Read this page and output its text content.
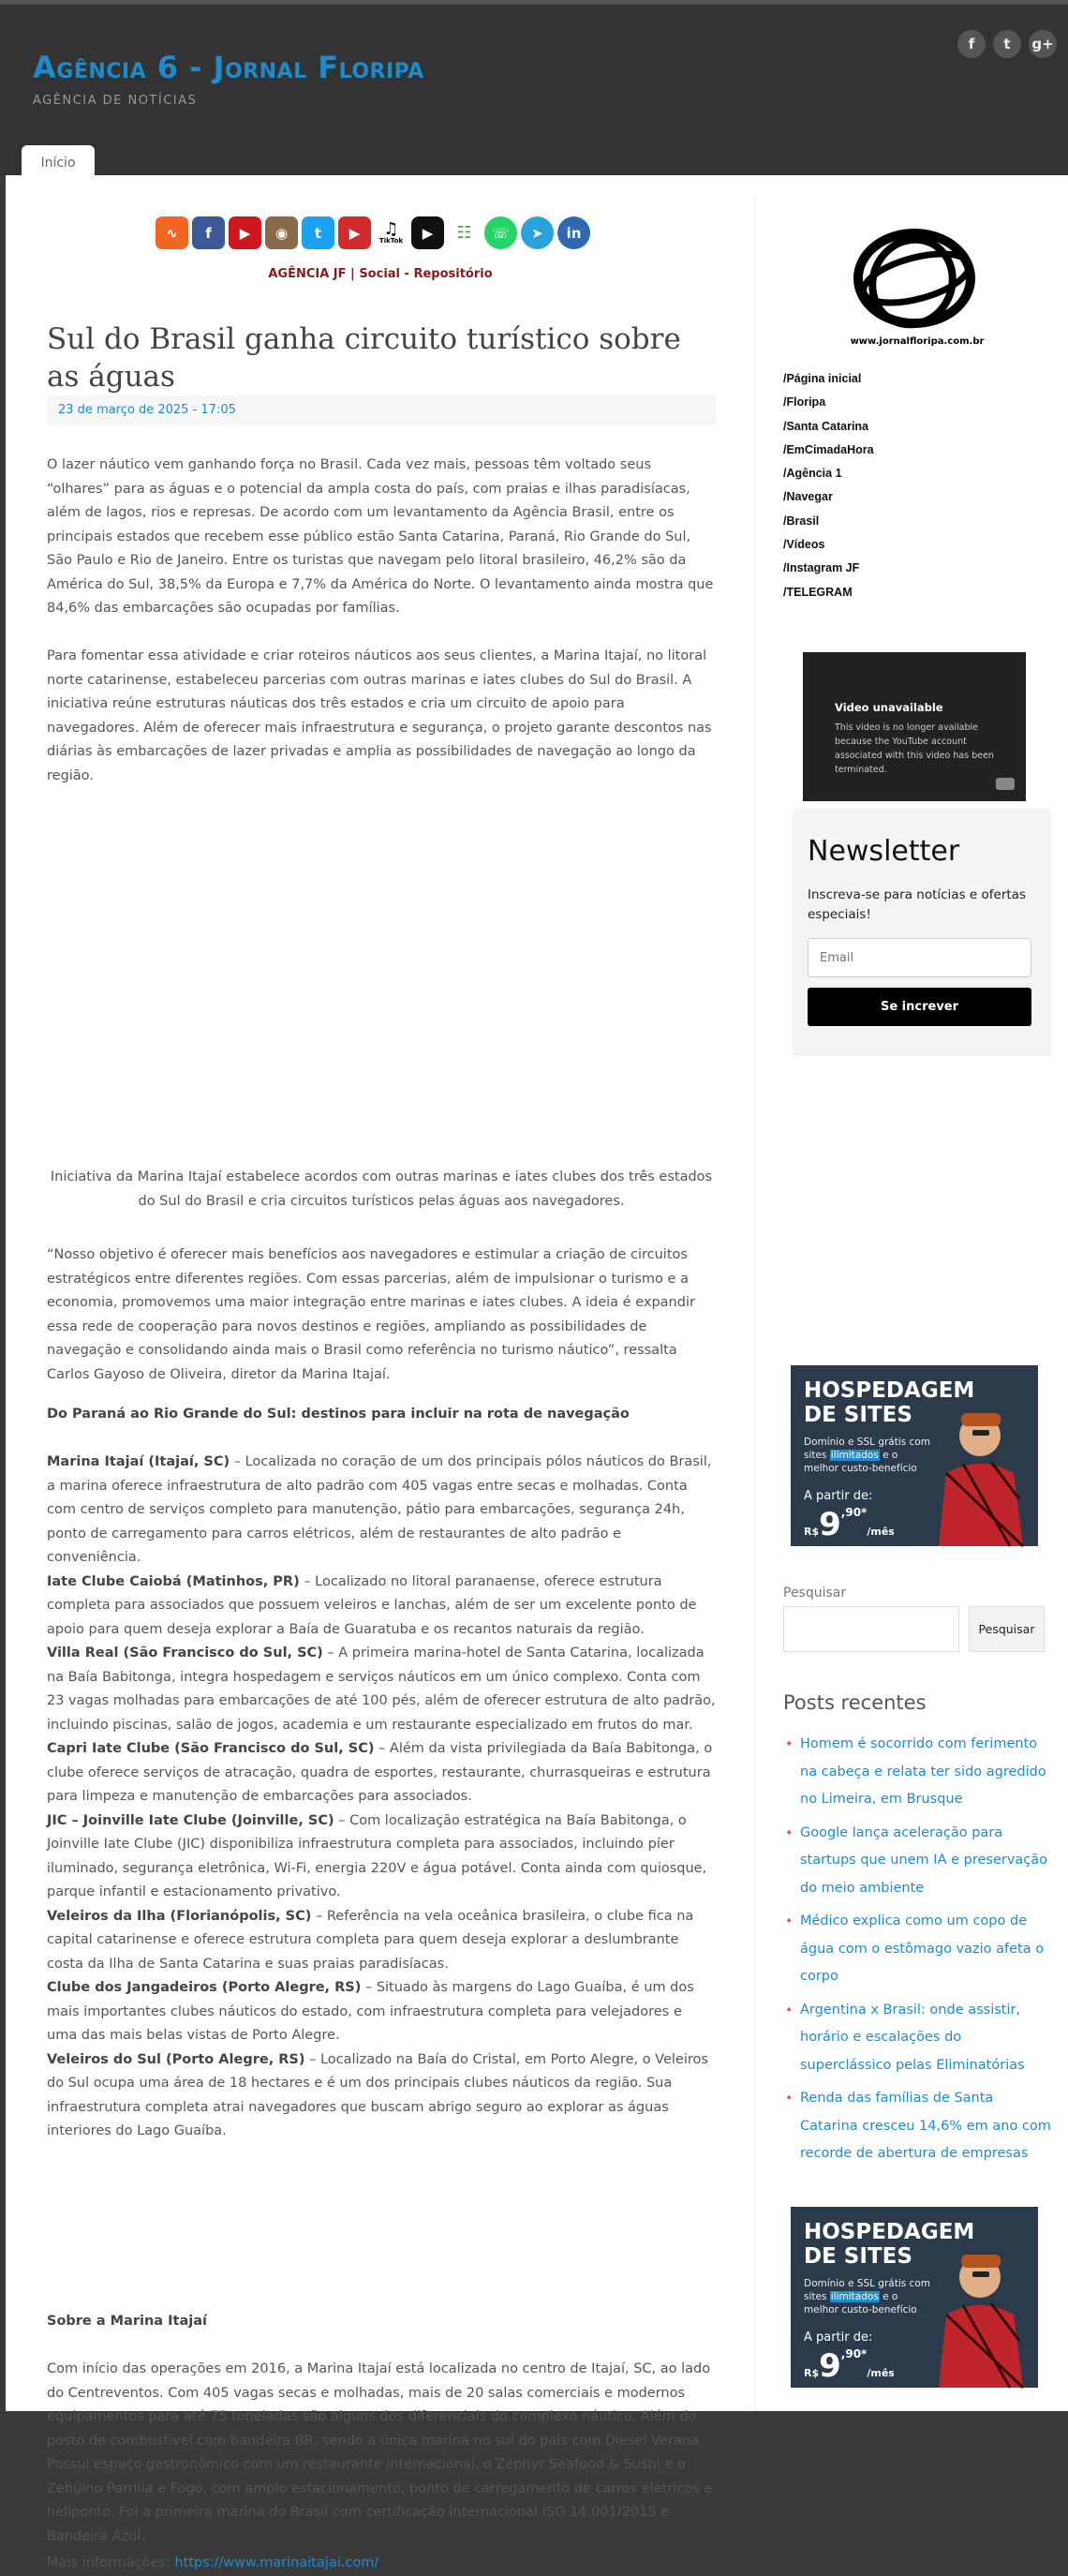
Agência 6 - Jornal Floripa
AGÊNCIA DE NOTÍCIAS
f	t	g+
Início
∿	f	▶	◉	t	▶	♫
TikTok	▶	☷	☏	➤	in
AGÊNCIA JF | Social - Repositório
Sul do Brasil ganha circuito turístico sobre as águas
23 de março de 2025 - 17:05

O lazer náutico vem ganhando força no Brasil. Cada vez mais, pessoas têm voltado seus “olhares” para as águas e o potencial da ampla costa do país, com praias e ilhas paradisíacas, além de lagos, rios e represas. De acordo com um levantamento da Agência Brasil, entre os principais estados que recebem esse público estão Santa Catarina, Paraná, Rio Grande do Sul, São Paulo e Rio de Janeiro. Entre os turistas que navegam pelo litoral brasileiro, 46,2% são da América do Sul, 38,5% da Europa e 7,7% da América do Norte. O levantamento ainda mostra que 84,6% das embarcações são ocupadas por famílias.

Para fomentar essa atividade e criar roteiros náuticos aos seus clientes, a Marina Itajaí, no litoral norte catarinense, estabeleceu parcerias com outras marinas e iates clubes do Sul do Brasil. A iniciativa reúne estruturas náuticas dos três estados e cria um circuito de apoio para navegadores. Além de oferecer mais infraestrutura e segurança, o projeto garante descontos nas diárias às embarcações de lazer privadas e amplia as possibilidades de navegação ao longo da região.

Iniciativa da Marina Itajaí estabelece acordos com outras marinas e iates clubes dos três estados do Sul do Brasil e cria circuitos turísticos pelas águas aos navegadores.

“Nosso objetivo é oferecer mais benefícios aos navegadores e estimular a criação de circuitos estratégicos entre diferentes regiões. Com essas parcerias, além de impulsionar o turismo e a economia, promovemos uma maior integração entre marinas e iates clubes. A ideia é expandir essa rede de cooperação para novos destinos e regiões, ampliando as possibilidades de navegação e consolidando ainda mais o Brasil como referência no turismo náutico”, ressalta Carlos Gayoso de Oliveira, diretor da Marina Itajaí.

Do Paraná ao Rio Grande do Sul: destinos para incluir na rota de navegação

Marina Itajaí (Itajaí, SC) – Localizada no coração de um dos principais pólos náuticos do Brasil, a marina oferece infraestrutura de alto padrão com 405 vagas entre secas e molhadas. Conta com centro de serviços completo para manutenção, pátio para embarcações, segurança 24h, ponto de carregamento para carros elétricos, além de restaurantes de alto padrão e conveniência.
Iate Clube Caiobá (Matinhos, PR) – Localizado no litoral paranaense, oferece estrutura completa para associados que possuem veleiros e lanchas, além de ser um excelente ponto de apoio para quem deseja explorar a Baía de Guaratuba e os recantos naturais da região.
Villa Real (São Francisco do Sul, SC) – A primeira marina-hotel de Santa Catarina, localizada na Baía Babitonga, integra hospedagem e serviços náuticos em um único complexo. Conta com 23 vagas molhadas para embarcações de até 100 pés, além de oferecer estrutura de alto padrão, incluindo piscinas, salão de jogos, academia e um restaurante especializado em frutos do mar.
Capri Iate Clube (São Francisco do Sul, SC) – Além da vista privilegiada da Baía Babitonga, o clube oferece serviços de atracação, quadra de esportes, restaurante, churrasqueiras e estrutura para limpeza e manutenção de embarcações para associados.
JIC – Joinville Iate Clube (Joinville, SC) – Com localização estratégica na Baía Babitonga, o Joinville Iate Clube (JIC) disponibiliza infraestrutura completa para associados, incluindo píer iluminado, segurança eletrônica, Wi-Fi, energia 220V e água potável. Conta ainda com quiosque, parque infantil e estacionamento privativo.
Veleiros da Ilha (Florianópolis, SC) – Referência na vela oceânica brasileira, o clube fica na capital catarinense e oferece estrutura completa para quem deseja explorar a deslumbrante costa da Ilha de Santa Catarina e suas praias paradisíacas.
Clube dos Jangadeiros (Porto Alegre, RS) – Situado às margens do Lago Guaíba, é um dos mais importantes clubes náuticos do estado, com infraestrutura completa para velejadores e uma das mais belas vistas de Porto Alegre.
Veleiros do Sul (Porto Alegre, RS) – Localizado na Baía do Cristal, em Porto Alegre, o Veleiros do Sul ocupa uma área de 18 hectares e é um dos principais clubes náuticos da região. Sua infraestrutura completa atrai navegadores que buscam abrigo seguro ao explorar as águas interiores do Lago Guaíba.

Sobre a Marina Itajaí

Com início das operações em 2016, a Marina Itajaí está localizada no centro de Itajaí, SC, ao lado do Centreventos. Com 405 vagas secas e molhadas, mais de 20 salas comerciais e modernos equipamentos para até 75 toneladas são alguns dos diferenciais do complexo náutico. Além do posto de combustível com bandeira BR, sendo a única marina no sul do país com Diesel Verana. Possui espaço gastronômico com um restaurante internacional, o Zephyr Seafood & Sushi e o Zebuíno Parrilla e Fogo, com amplo estacionamento, ponto de carregamento de carros elétricos e heliponto. Foi a primeira marina do Brasil com certificação internacional ISO 14.001/2015 e Bandeira Azul.

Mais informações: https://www.marinaitajai.com/

www.jornalfloripa.com.br
/Página inicial
/Floripa
/Santa Catarina
/EmCimadaHora
/Agência 1
/Navegar
/Brasil
/Vídeos
/Instagram JF
/TELEGRAM
Video unavailable
This video is no longer available because the YouTube account associated with this video has been terminated.
Newsletter
Inscreva-se para notícias e ofertas especiais!
Email
Se increver
HOSPEDAGEM DE SITES
Domínio e SSL grátis com sites ilimitados e o melhor custo-benefício
A partir de:
$R\$9^{,90*}$/mês
Pesquisar
Pesquisar
Posts recentes
✦ Homem é socorrido com ferimento na cabeça e relata ter sido agredido no Limeira, em Brusque
✦ Google lança aceleração para startups que unem IA e preservação do meio ambiente
✦ Médico explica como um copo de água com o estômago vazio afeta o corpo
✦ Argentina x Brasil: onde assistir, horário e escalações do superclássico pelas Eliminatórias
✦ Renda das famílias de Santa Catarina cresceu 14,6% em ano com recorde de abertura de empresas
HOSPEDAGEM DE SITES
Domínio e SSL grátis com sites ilimitados e o melhor custo-benefício
A partir de:
$R\$9^{,90*}$/mês
